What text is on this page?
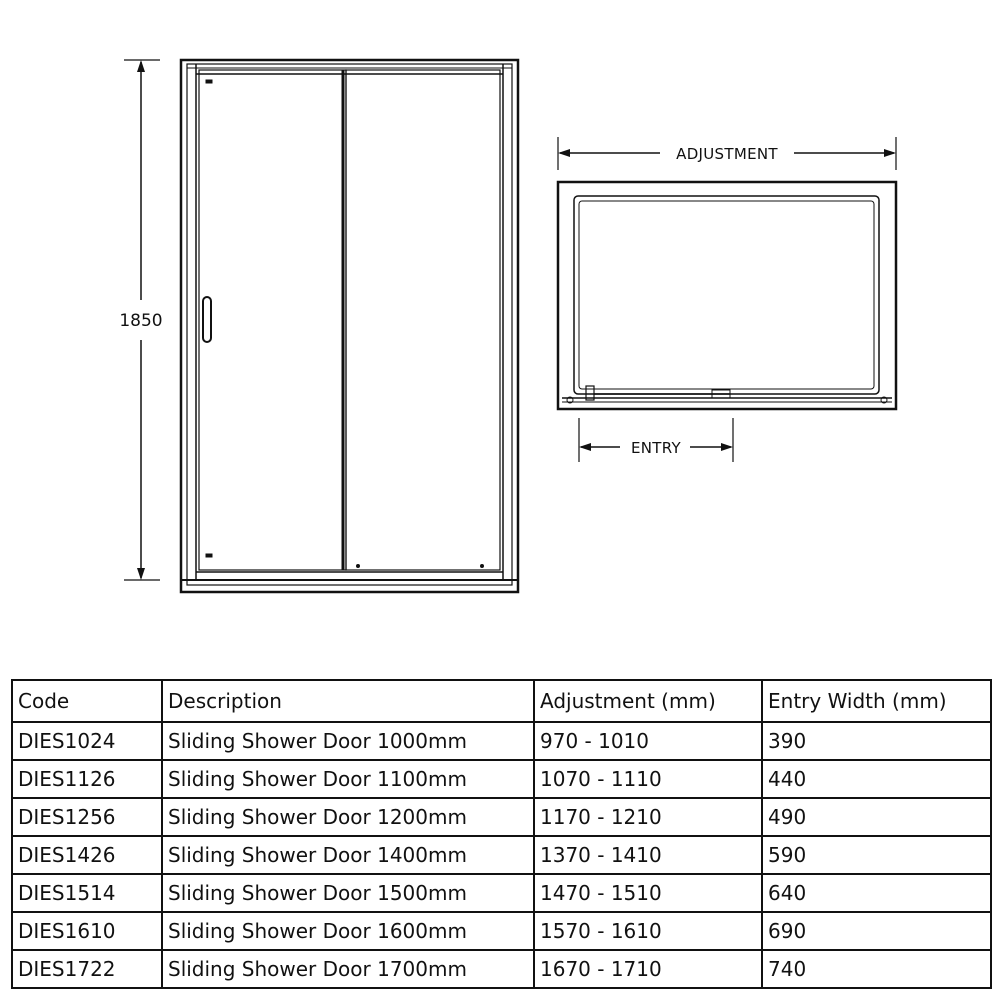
1850
ADJUSTMENT
ENTRY
Code	Description	Adjustment (mm)	Entry Width (mm)
DIES1024	Sliding Shower Door 1000mm	970 - 1010	390
DIES1126	Sliding Shower Door 1100mm	1070 - 1110	440
DIES1256	Sliding Shower Door 1200mm	1170 - 1210	490
DIES1426	Sliding Shower Door 1400mm	1370 - 1410	590
DIES1514	Sliding Shower Door 1500mm	1470 - 1510	640
DIES1610	Sliding Shower Door 1600mm	1570 - 1610	690
DIES1722	Sliding Shower Door 1700mm	1670 - 1710	740
